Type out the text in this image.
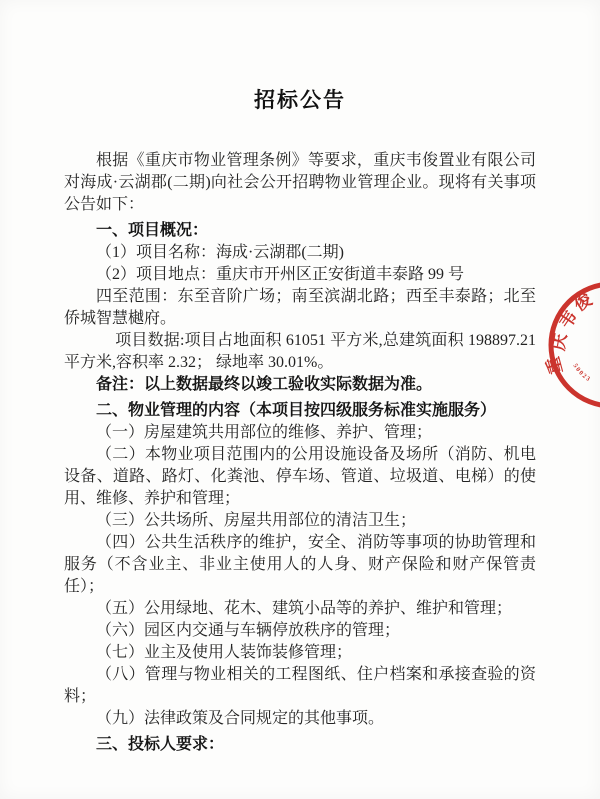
招标公告

根据《重庆市物业管理条例》等要求，重庆韦俊置业有限公司对海成·云湖郡(二期)向社会公开招聘物业管理企业。现将有关事项公告如下：

一、项目概况：

（1）项目名称：海成·云湖郡(二期)

（2）项目地点：重庆市开州区正安街道丰泰路 99 号

四至范围：东至音阶广场；南至滨湖北路；西至丰泰路；北至侨城智慧樾府。

项目数据:项目占地面积 61051 平方米,总建筑面积 198897.21 平方米,容积率 2.32； 绿地率 30.01%。

备注：以上数据最终以竣工验收实际数据为准。

二、物业管理的内容（本项目按四级服务标准实施服务）

（一）房屋建筑共用部位的维修、养护、管理；

（二）本物业项目范围内的公用设施设备及场所（消防、机电设备、道路、路灯、化粪池、停车场、管道、垃圾道、电梯）的使用、维修、养护和管理；

（三）公共场所、房屋共用部位的清洁卫生；

（四）公共生活秩序的维护，安全、消防等事项的协助管理和服务（不含业主、非业主使用人的人身、财产保险和财产保管责任）；

（五）公用绿地、花木、建筑小品等的养护、维护和管理；

（六）园区内交通与车辆停放秩序的管理；

（七）业主及使用人装饰装修管理；

（八）管理与物业相关的工程图纸、住户档案和承接查验的资料；

（九）法律政策及合同规定的其他事项。

三、投标人要求：

重
庆
韦
俊
50023
